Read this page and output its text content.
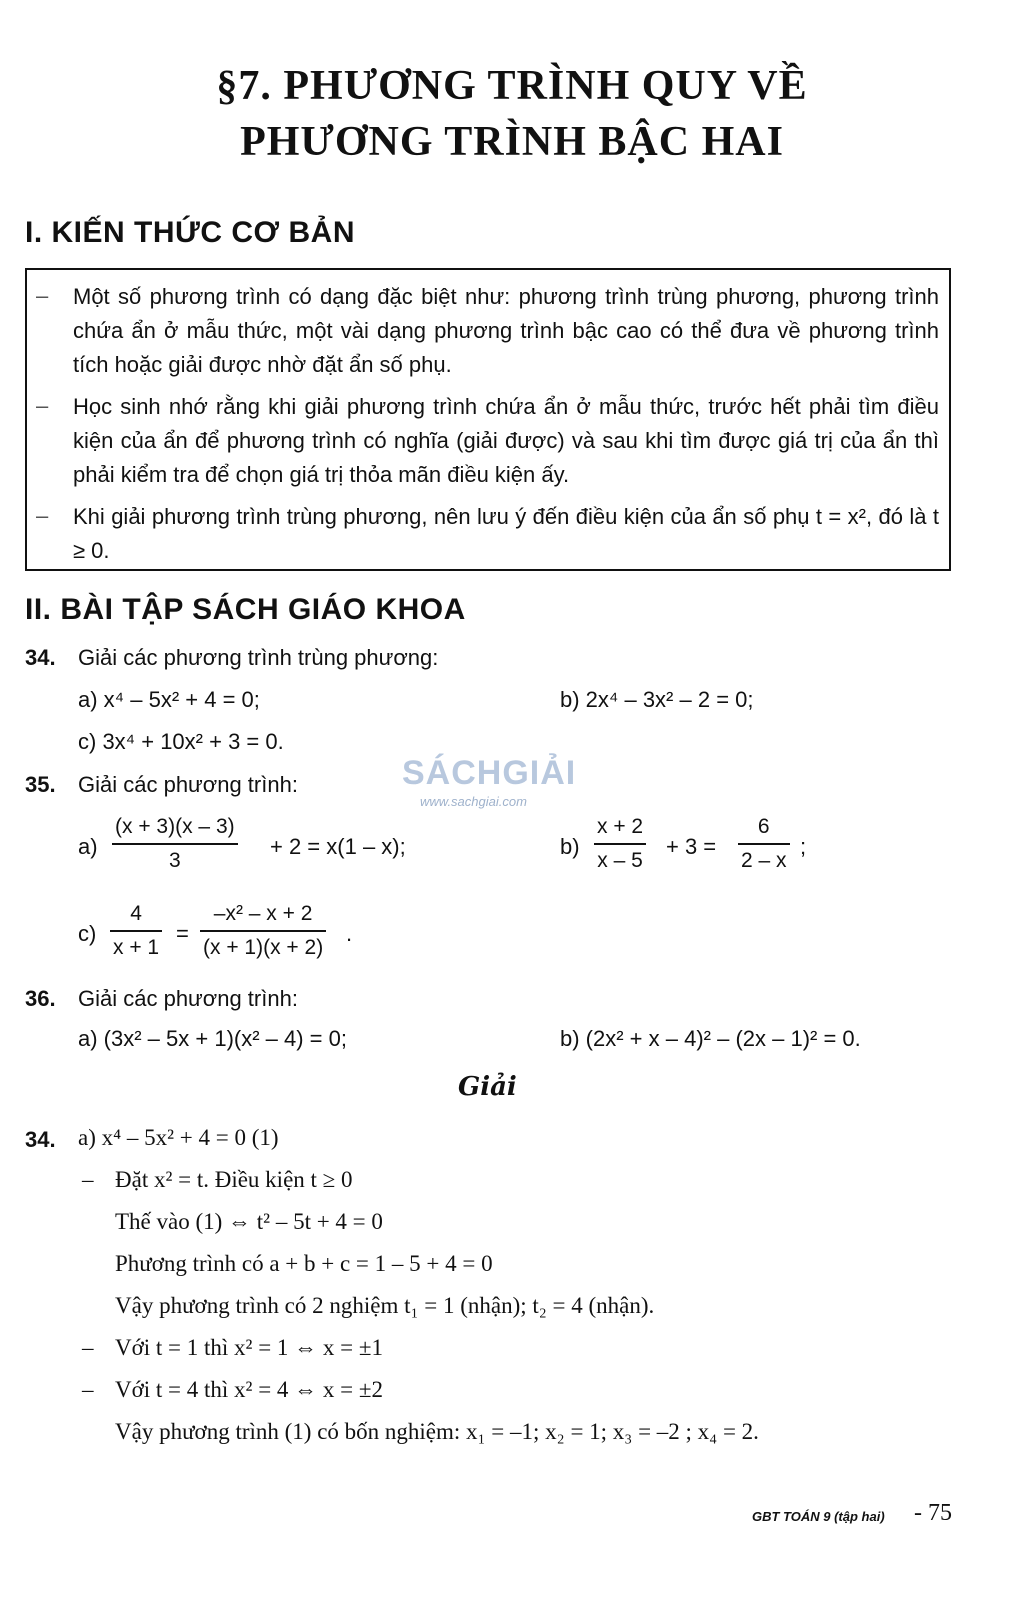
§7. PHƯƠNG TRÌNH QUY VỀ
PHƯƠNG TRÌNH BẬC HAI
I. KIẾN THỨC CƠ BẢN
– Một số phương trình có dạng đặc biệt như: phương trình trùng phương, phương trình chứa ẩn ở mẫu thức, một vài dạng phương trình bậc cao có thể đưa về phương trình tích hoặc giải được nhờ đặt ẩn số phụ.
– Học sinh nhớ rằng khi giải phương trình chứa ẩn ở mẫu thức, trước hết phải tìm điều kiện của ẩn để phương trình có nghĩa (giải được) và sau khi tìm được giá trị của ẩn thì phải kiểm tra để chọn giá trị thỏa mãn điều kiện ấy.
– Khi giải phương trình trùng phương, nên lưu ý đến điều kiện của ẩn số phụ t = x², đó là t ≥ 0.
II. BÀI TẬP SÁCH GIÁO KHOA
34. Giải các phương trình trùng phương:
a) x⁴ – 5x² + 4 = 0;	b) 2x⁴ – 3x² – 2 = 0;
c) 3x⁴ + 10x² + 3 = 0.
SÁCHGIẢI
www.sachgiai.com
35. Giải các phương trình:
a)
(x + 3)(x – 3)
3
+ 2 = x(1 – x);	b)
x + 2
x – 5
+ 3 =
6
2 – x
;
c)
4
x + 1
=
–x² – x + 2
(x + 1)(x + 2)
.
36. Giải các phương trình:
a) (3x² – 5x + 1)(x² – 4) = 0;	b) (2x² + x – 4)² – (2x – 1)² = 0.
Giải
34. a) x⁴ – 5x² + 4 = 0 (1)
– Đặt x² = t. Điều kiện t ≥ 0
Thế vào (1) ⇔ t² – 5t + 4 = 0
Phương trình có a + b + c = 1 – 5 + 4 = 0
Vậy phương trình có 2 nghiệm t₁ = 1 (nhận); t₂ = 4 (nhận).
– Với t = 1 thì x² = 1 ⇔ x = ±1
– Với t = 4 thì x² = 4 ⇔ x = ±2
Vậy phương trình (1) có bốn nghiệm: x₁ = –1; x₂ = 1; x₃ = –2 ; x₄ = 2.
GBT TOÁN 9 (tập hai) - 75
